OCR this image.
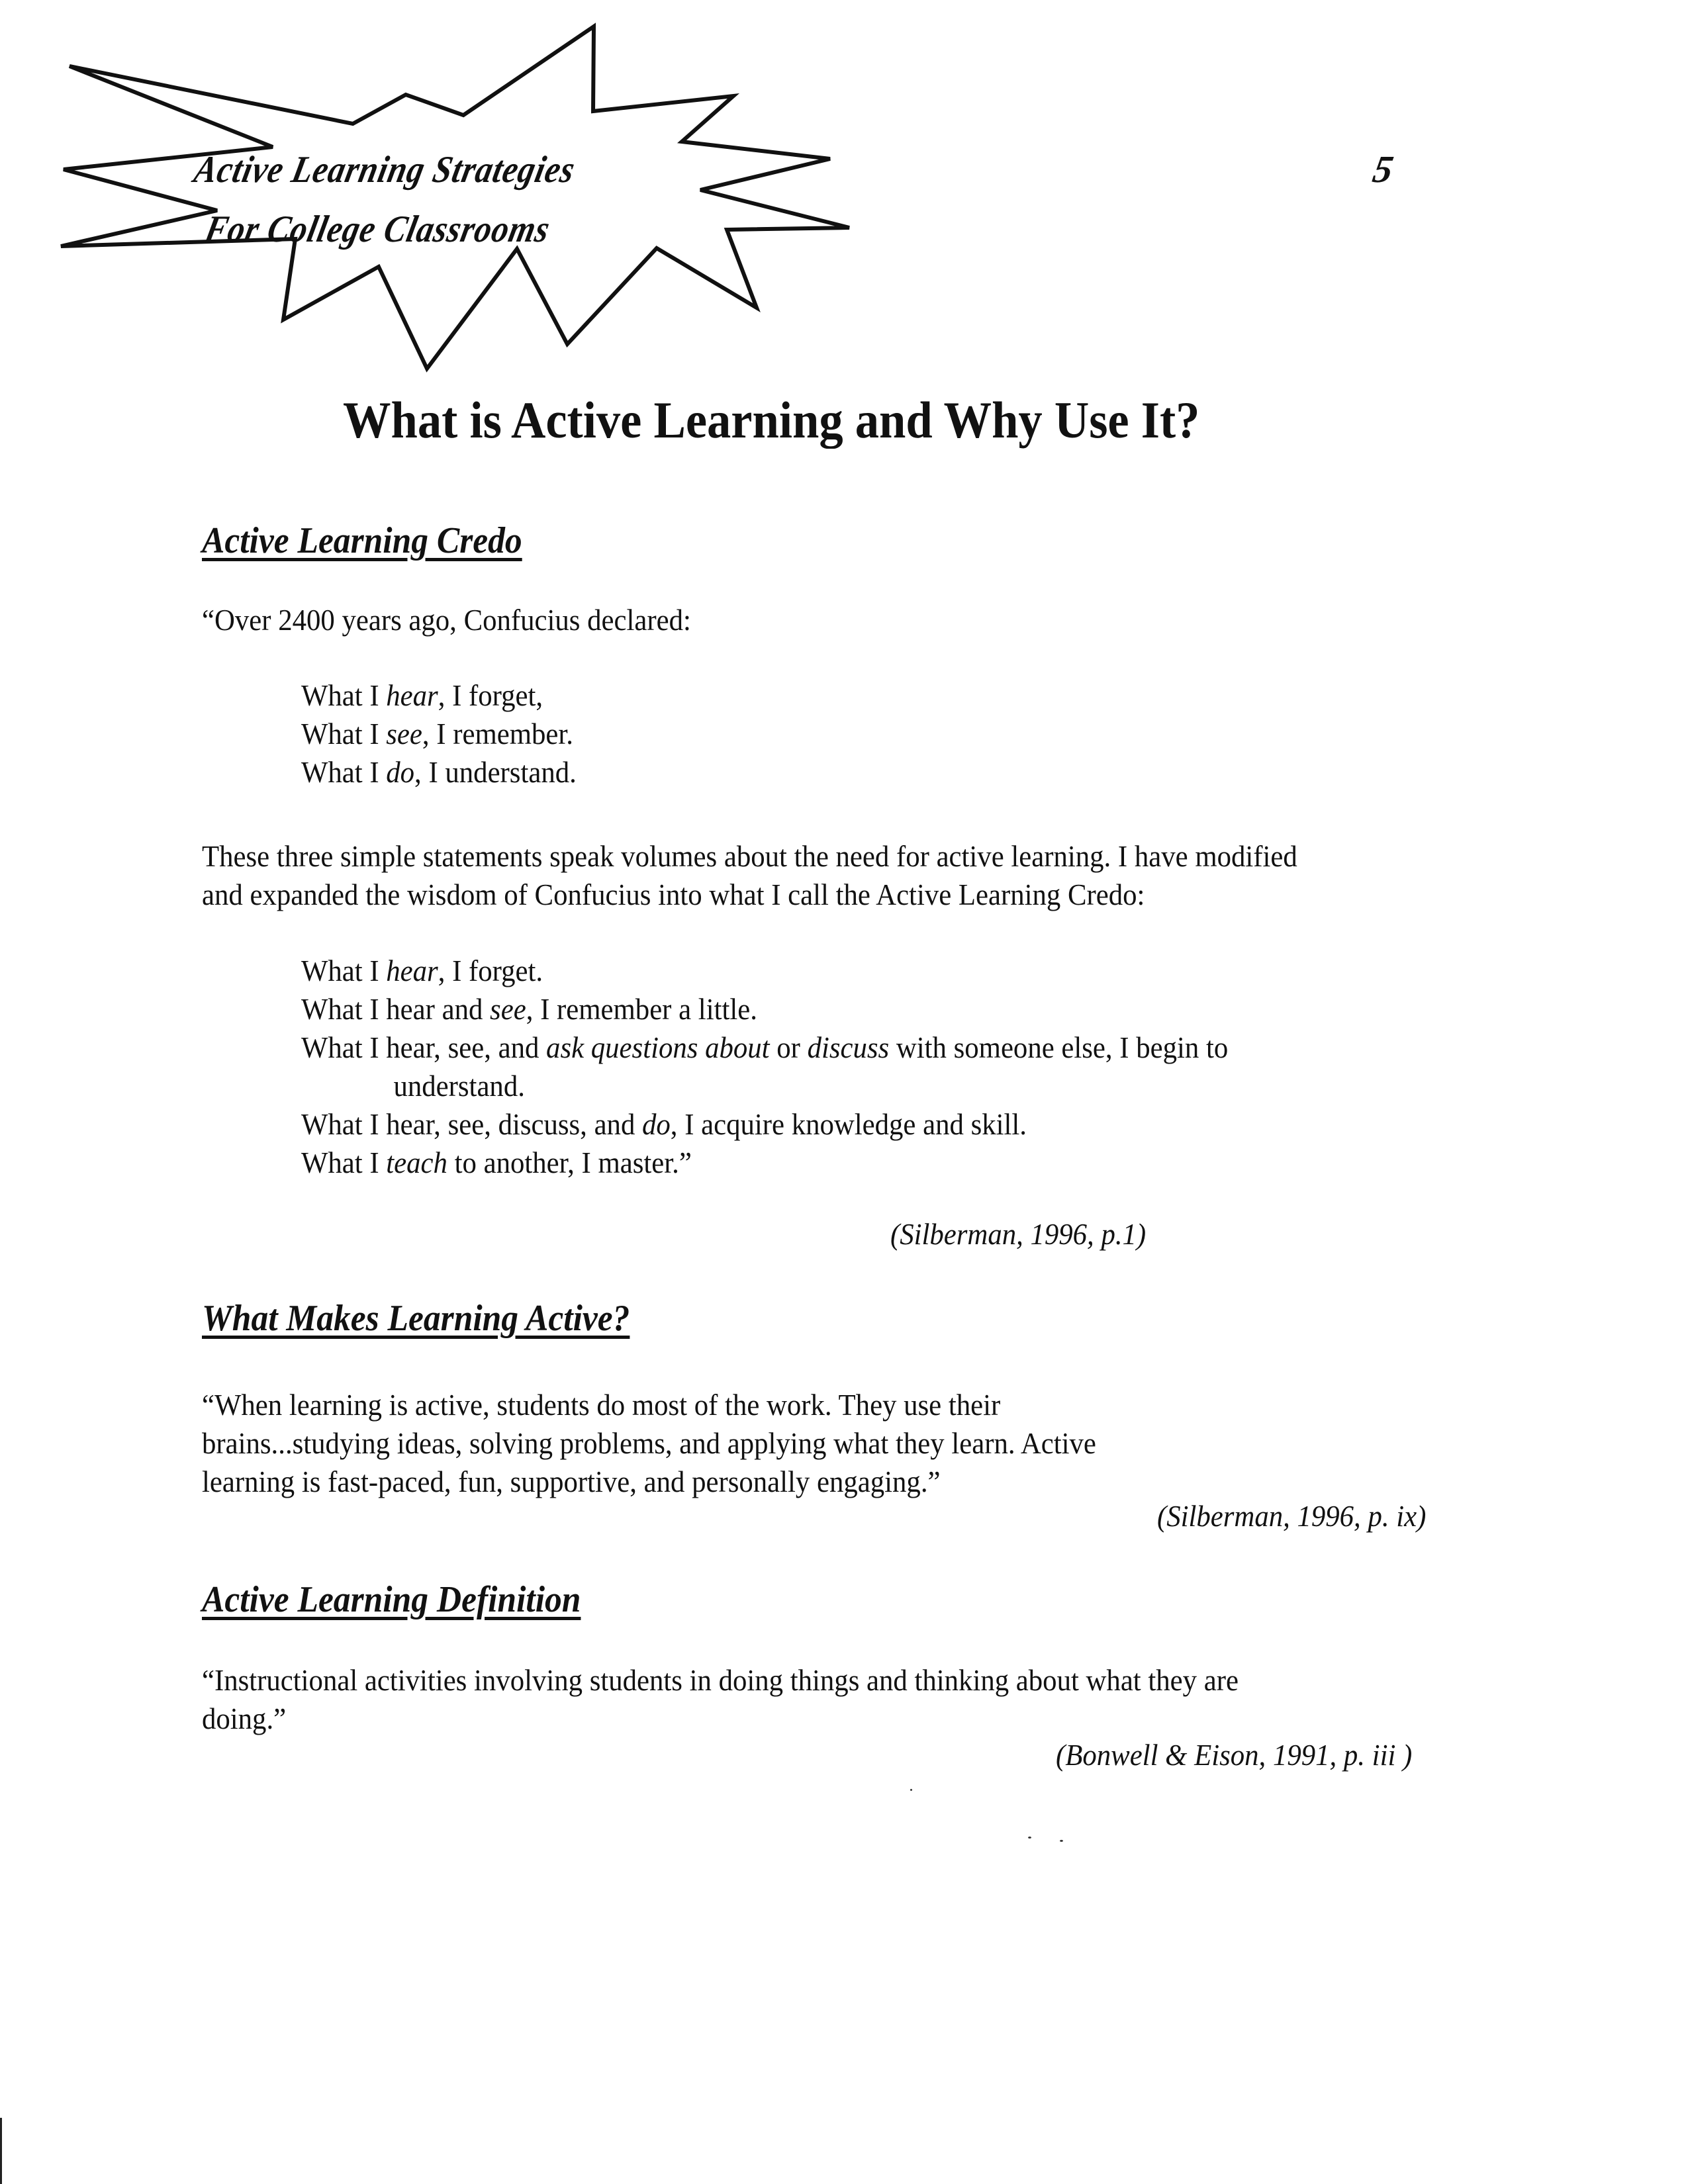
Active Learning Strategies
For College Classrooms
5
What is Active Learning and Why Use It?
Active Learning Credo
“Over 2400 years ago, Confucius declared:
What I hear, I forget,
What I see, I remember.
What I do, I understand.
These three simple statements speak volumes about the need for active learning. I have modified
and expanded the wisdom of Confucius into what I call the Active Learning Credo:
What I hear, I forget.
What I hear and see, I remember a little.
What I hear, see, and ask questions about or discuss with someone else, I begin to
understand.
What I hear, see, discuss, and do, I acquire knowledge and skill.
What I teach to another, I master.”
(Silberman, 1996, p.1)
What Makes Learning Active?
“When learning is active, students do most of the work. They use their
brains...studying ideas, solving problems, and applying what they learn. Active
learning is fast-paced, fun, supportive, and personally engaging.”
(Silberman, 1996, p. ix)
Active Learning Definition
“Instructional activities involving students in doing things and thinking about what they are
doing.”
(Bonwell & Eison, 1991, p. iii )
